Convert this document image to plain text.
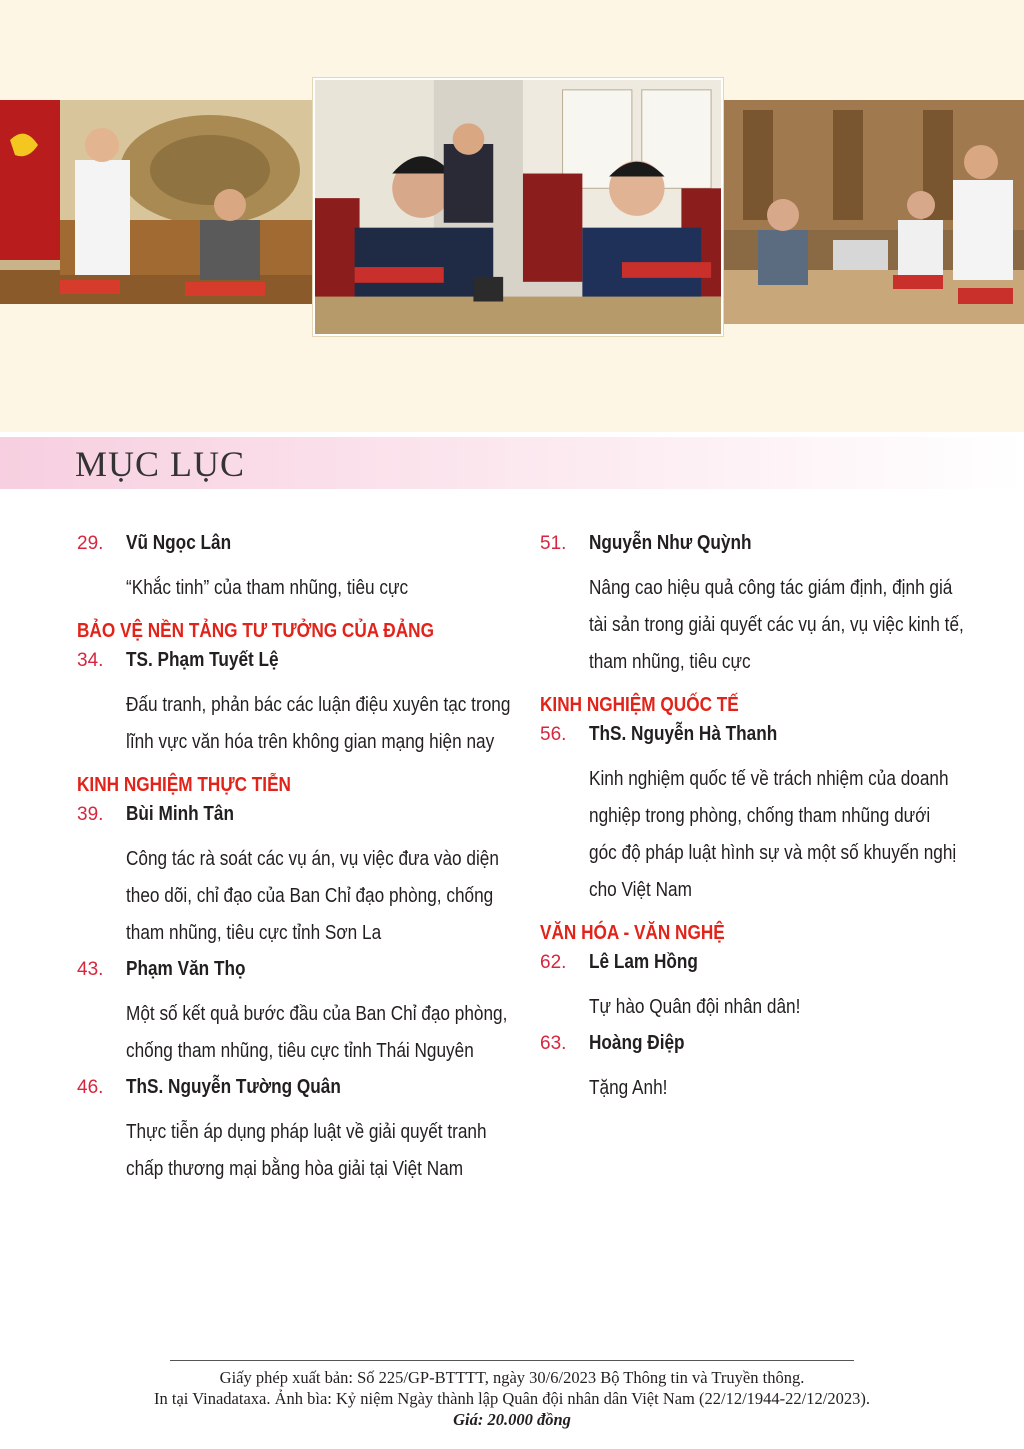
MỤC LỤC
29.	Vũ Ngọc Lân
“Khắc tinh” của tham nhũng, tiêu cực
BẢO VỆ NỀN TẢNG TƯ TƯỞNG CỦA ĐẢNG
34.	TS. Phạm Tuyết Lệ
Đấu tranh, phản bác các luận điệu xuyên tạc trong
lĩnh vực văn hóa trên không gian mạng hiện nay
KINH NGHIỆM THỰC TIỄN
39.	Bùi Minh Tân
Công tác rà soát các vụ án, vụ việc đưa vào diện
theo dõi, chỉ đạo của Ban Chỉ đạo phòng, chống
tham nhũng, tiêu cực tỉnh Sơn La
43.	Phạm Văn Thọ
Một số kết quả bước đầu của Ban Chỉ đạo phòng,
chống tham nhũng, tiêu cực tỉnh Thái Nguyên
46.	ThS. Nguyễn Tường Quân
Thực tiễn áp dụng pháp luật về giải quyết tranh
chấp thương mại bằng hòa giải tại Việt Nam
51.	Nguyễn Như Quỳnh
Nâng cao hiệu quả công tác giám định, định giá
tài sản trong giải quyết các vụ án, vụ việc kinh tế,
tham nhũng, tiêu cực
KINH NGHIỆM QUỐC TẾ
56.	ThS. Nguyễn Hà Thanh
Kinh nghiệm quốc tế về trách nhiệm của doanh
nghiệp trong phòng, chống tham nhũng dưới
góc độ pháp luật hình sự và một số khuyến nghị
cho Việt Nam
VĂN HÓA - VĂN NGHỆ
62.	Lê Lam Hồng
Tự hào Quân đội nhân dân!
63.	Hoàng Điệp
Tặng Anh!
Giấy phép xuất bản: Số 225/GP-BTTTT, ngày 30/6/2023 Bộ Thông tin và Truyền thông.
In tại Vinadataxa. Ảnh bìa: Kỷ niệm Ngày thành lập Quân đội nhân dân Việt Nam (22/12/1944-22/12/2023).
Giá: 20.000 đồng
